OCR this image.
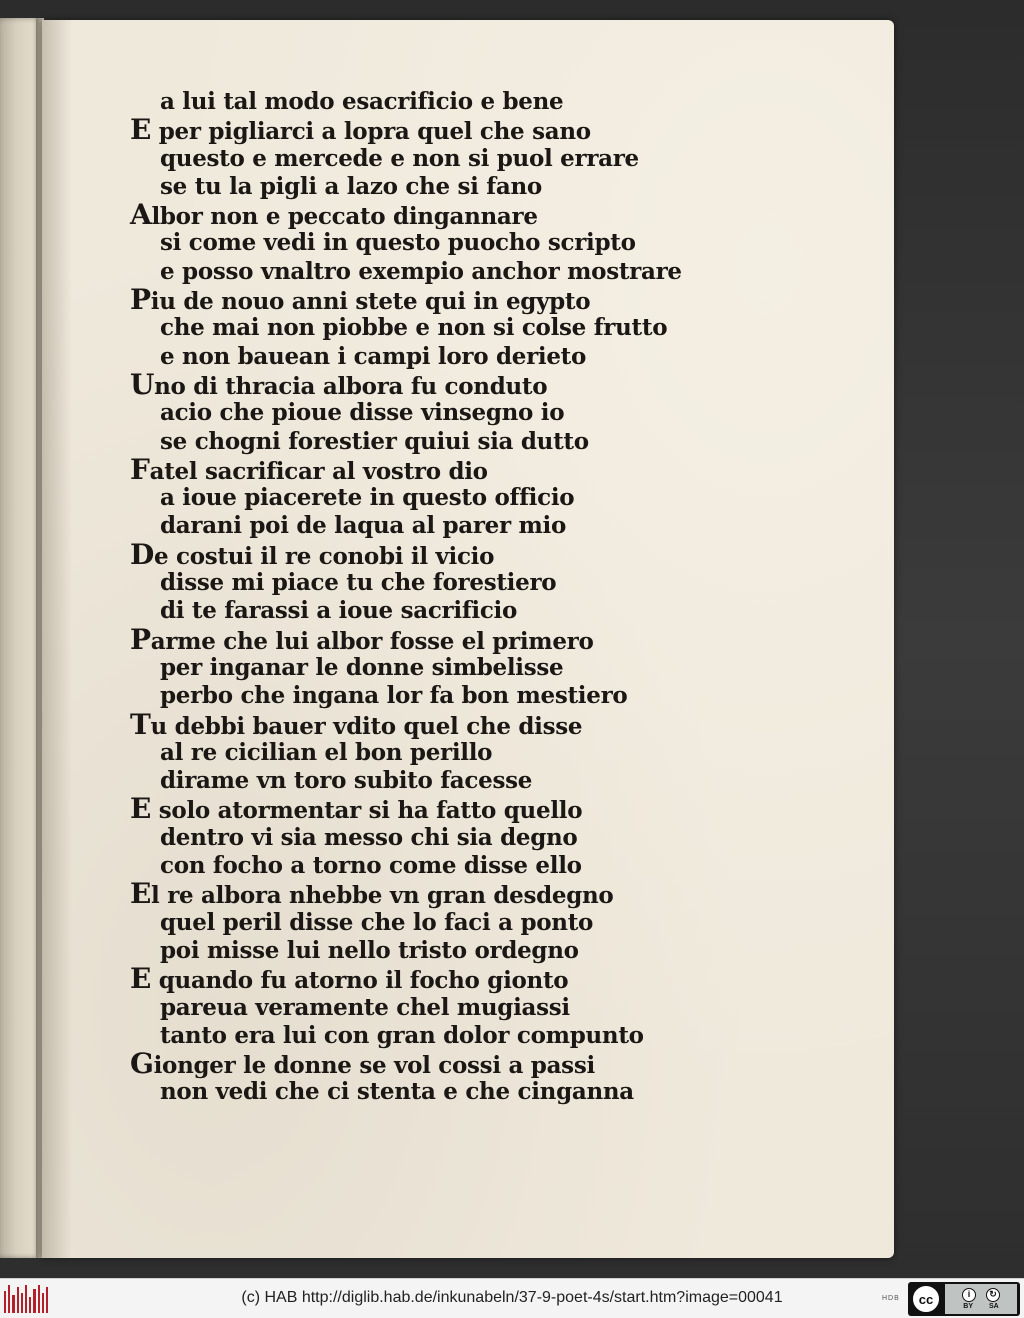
a lui tal modo esacrificio e bene
E per pigliarci a lopra quel che sano
questo e mercede e non si puol errare
se tu la pigli a lazo che si fano
Albor non e peccato dingannare
si come vedi in questo puocho scripto
e posso vnaltro exempio anchor mostrare
Piu de nouo anni stete qui in egypto
che mai non piobbe e non si colse frutto
e non bauean i campi loro derieto
Uno di thracia albora fu conduto
acio che pioue disse vinsegno io
se chogni forestier quiui sia dutto
Fatel sacrificar al vostro dio
a ioue piacerete in questo officio
darani poi de laqua al parer mio
De costui il re conobi il vicio
disse mi piace tu che forestiero
di te farassi a ioue sacrificio
Parme che lui albor fosse el primero
per inganar le donne simbelisse
perbo che ingana lor fa bon mestiero
Tu debbi bauer vdito quel che disse
al re cicilian el bon perillo
dirame vn toro subito facesse
E solo atormentar si ha fatto quello
dentro vi sia messo chi sia degno
con focho a torno come disse ello
El re albora nhebbe vn gran desdegno
quel peril disse che lo faci a ponto
poi misse lui nello tristo ordegno
E quando fu atorno il focho gionto
pareua veramente chel mugiassi
tanto era lui con gran dolor compunto
Gionger le donne se vol cossi a passi
non vedi che ci stenta e che cinganna
(c) HAB http://diglib.hab.de/inkunabeln/37-9-poet-4s/start.htm?image=00041	HDB	cc	i	↻
BY SA
